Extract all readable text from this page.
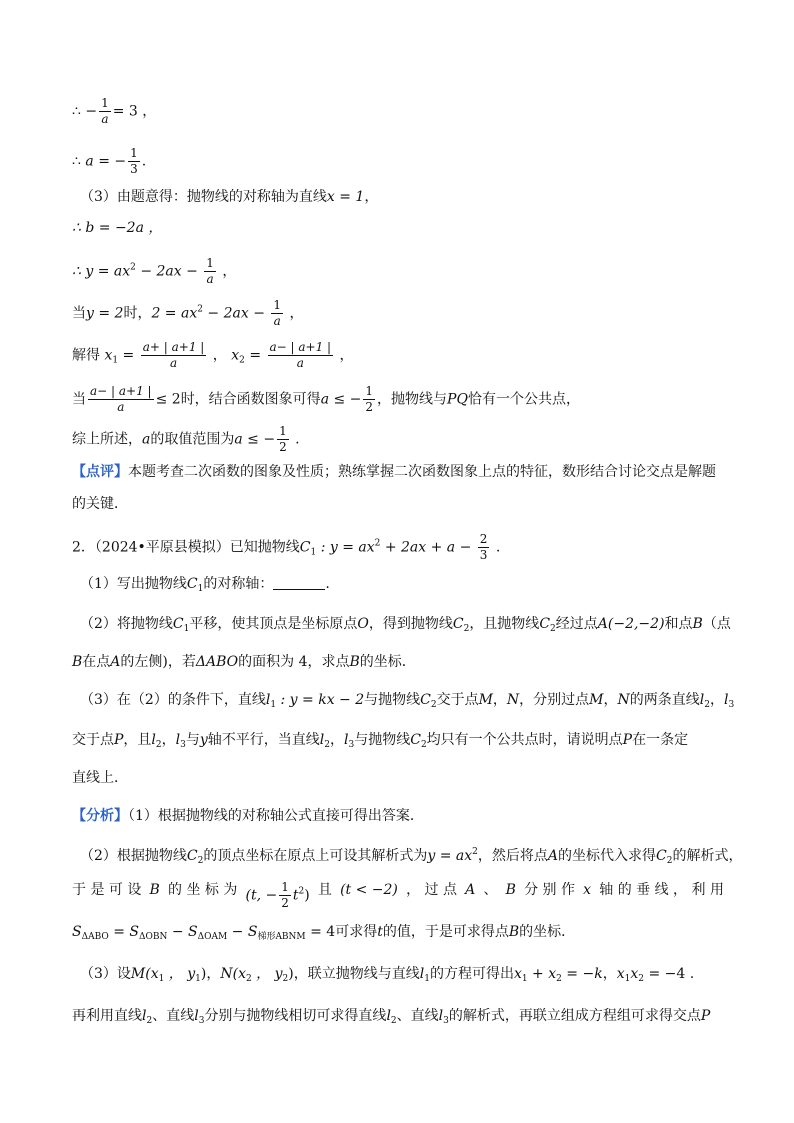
∴ − $\frac{1}{a} = 3$ ，
∴ a = − $\frac{1}{3}$ .
（3）由题意得：抛物线的对称轴为直线x = 1，
∴ b = −2a ，
∴ $y = ax^2 - 2ax - \frac{1}{a}$ ，
当y = 2时，$2 = ax^2 - 2ax - \frac{1}{a}$ ，
解得 $x_1 = \frac{a+ | a+1 |}{a}$ ， $x_2 = \frac{a- | a+1 |}{a}$ ，
当 $\frac{a- | a+1 |}{a} \le 2$时，结合函数图象可得a ≤ − $\frac{1}{2}$ ，抛物线与PQ恰有一个公共点，
综上所述，a的取值范围为a ≤ − $\frac{1}{2}$ .
【点评】本题考查二次函数的图象及性质；熟练掌握二次函数图象上点的特征，数形结合讨论交点是解题
的关键．
2．（2024•平原县模拟）已知抛物线$C_1$ : $y = ax^2 + 2ax + a - \frac{2}{3}$ .
（1）写出抛物线$C_1$的对称轴：	.
（2）将抛物线$C_1$平移，使其顶点是坐标原点O，得到抛物线$C_2$，且抛物线$C_2$经过点A(−2,−2)和点B（点
B在点A的左侧)，若ΔABO的面积为 4，求点B的坐标．
（3）在（2）的条件下，直线$l_1$ : y = kx − 2与抛物线$C_2$交于点M，N，分别过点M，N的两条直线$l_2$，$l_3$
交于点P，且$l_2$，$l_3$与y轴不平行，当直线$l_2$，$l_3$与抛物线$C_2$均只有一个公共点时，请说明点P在一条定
直线上．
【分析】（1）根据抛物线的对称轴公式直接可得出答案．
（2）根据抛物线$C_2$的顶点坐标在原点上可设其解析式为$y = ax^2$，然后将点A的坐标代入求得$C_2$的解析式，
于 是 可 设 B 的 坐 标 为 (t, − $\frac{1}{2} t^2$) 且 (t < −2) ， 过 点 A 、 B 分 别 作 x 轴 的 垂 线 ， 利 用
$S_{\Delta ABO} = S_{\Delta OBN} - S_{\Delta OAM} - S_{梯形ABNM} = 4$可求得t的值，于是可求得点B的坐标．
（3）设$M(x_1$ ， $y_1$)，$N(x_2$ ， $y_2$)，联立抛物线与直线$l_1$的方程可得出$x_1 + x_2 = -k$，$x_1x_2 = -4$ .
再利用直线$l_2$、直线$l_3$分别与抛物线相切可求得直线$l_2$、直线$l_3$的解析式，再联立组成方程组可求得交点P
